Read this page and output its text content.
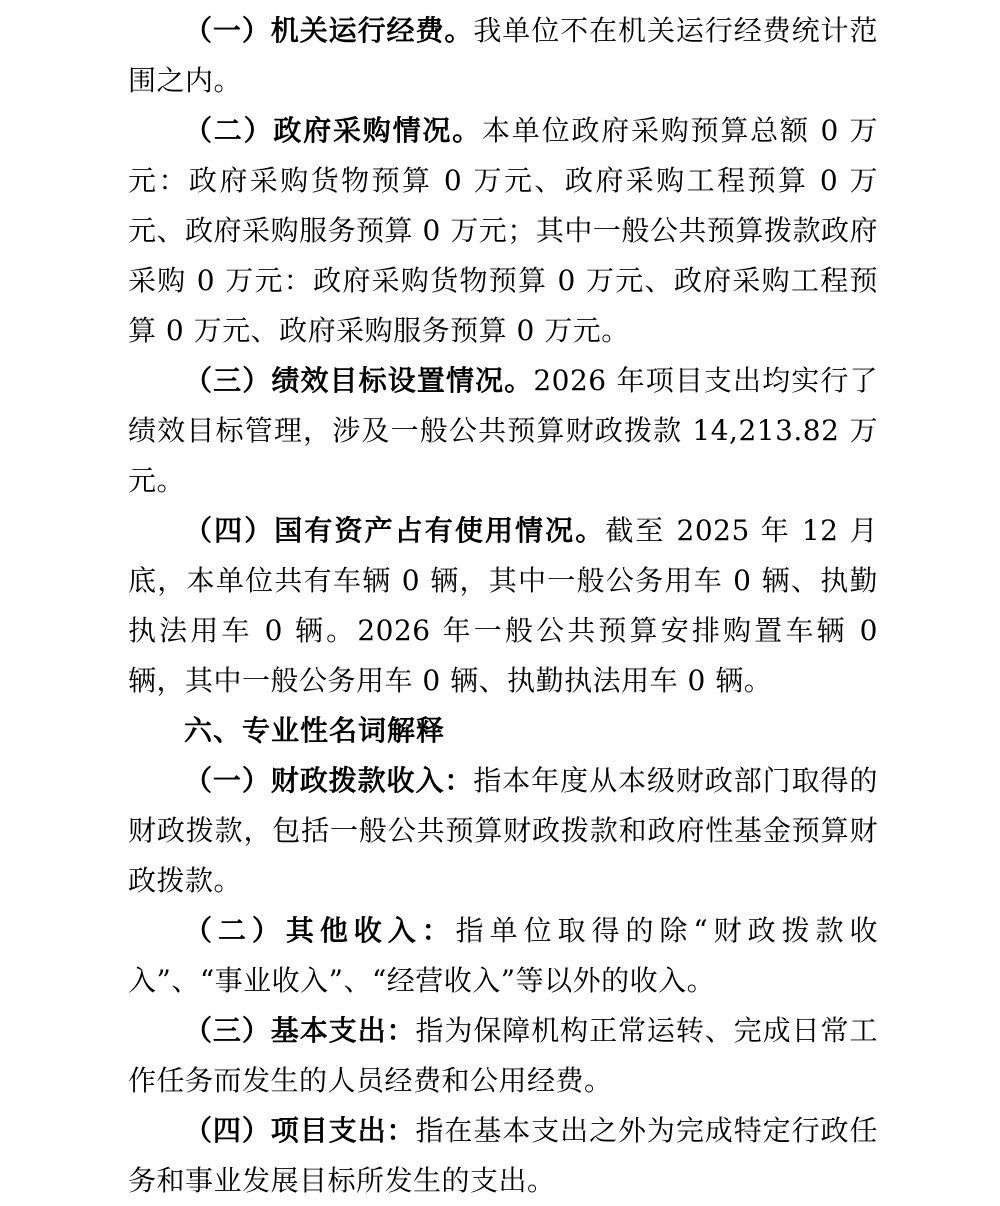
（一）机关运行经费。我单位不在机关运行经费统计范围之内。

（二）政府采购情况。本单位政府采购预算总额 0 万元：政府采购货物预算 0 万元、政府采购工程预算 0 万元、政府采购服务预算 0 万元；其中一般公共预算拨款政府采购 0 万元：政府采购货物预算 0 万元、政府采购工程预算 0 万元、政府采购服务预算 0 万元。

（三）绩效目标设置情况。2026 年项目支出均实行了绩效目标管理，涉及一般公共预算财政拨款 14,213.82 万元。

（四）国有资产占有使用情况。截至 2025 年 12 月底，本单位共有车辆 0 辆，其中一般公务用车 0 辆、执勤执法用车 0 辆。2026 年一般公共预算安排购置车辆 0 辆，其中一般公务用车 0 辆、执勤执法用车 0 辆。

六、专业性名词解释

（一）财政拨款收入：指本年度从本级财政部门取得的财政拨款，包括一般公共预算财政拨款和政府性基金预算财政拨款。

（二）其他收入：指单位取得的除“财政拨款收入”、“事业收入”、“经营收入”等以外的收入。

（三）基本支出：指为保障机构正常运转、完成日常工作任务而发生的人员经费和公用经费。

（四）项目支出：指在基本支出之外为完成特定行政任务和事业发展目标所发生的支出。
